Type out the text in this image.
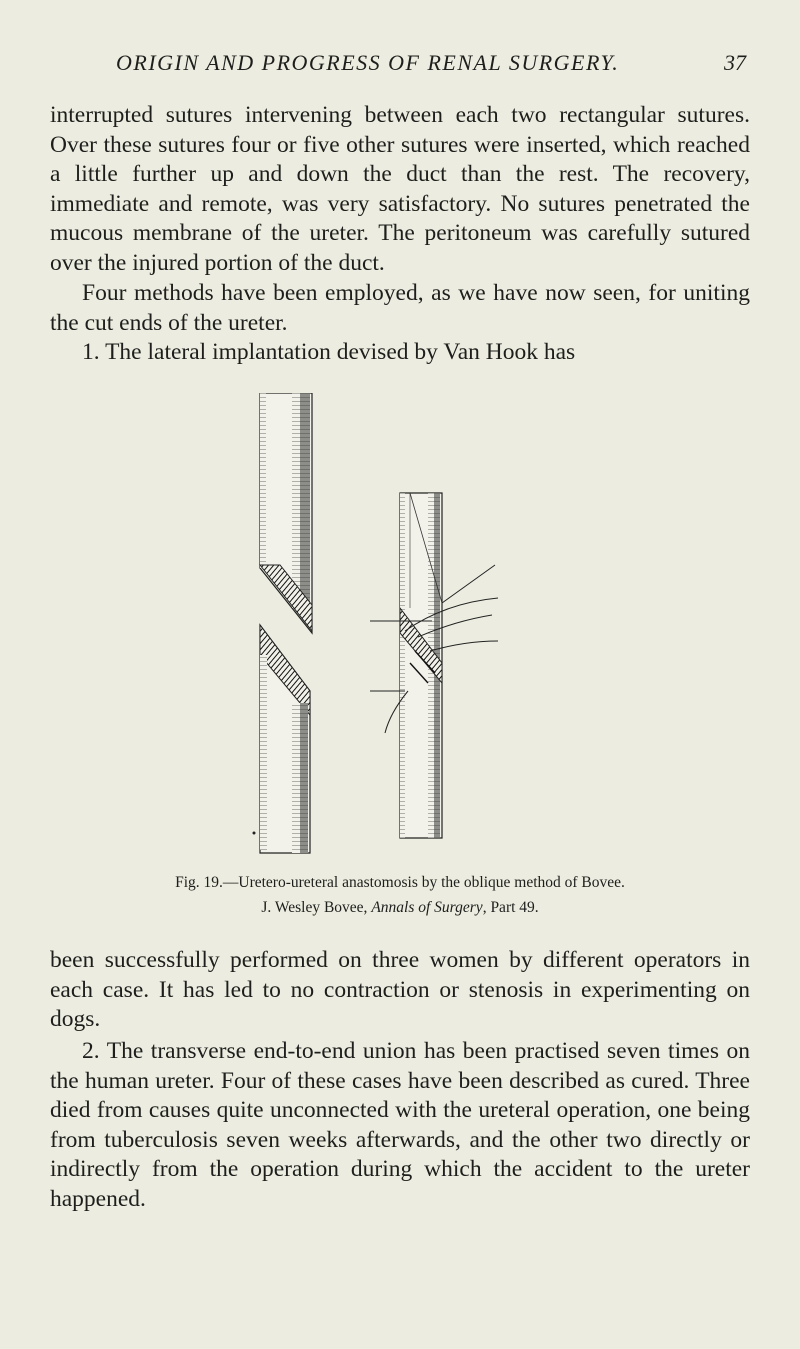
ORIGIN AND PROGRESS OF RENAL SURGERY.	37

interrupted sutures intervening between each two rectangular sutures. Over these sutures four or five other sutures were inserted, which reached a little further up and down the duct than the rest. The recovery, immediate and remote, was very satisfactory. No sutures penetrated the mucous membrane of the ureter. The peritoneum was carefully sutured over the injured portion of the duct.

Four methods have been employed, as we have now seen, for uniting the cut ends of the ureter.

1. The lateral implantation devised by Van Hook has

Fig. 19.—Uretero-ureteral anastomosis by the oblique method of Bovee.

J. Wesley Bovee, Annals of Surgery, Part 49.

been successfully performed on three women by different operators in each case. It has led to no contraction or stenosis in experimenting on dogs.

2. The transverse end-to-end union has been practised seven times on the human ureter. Four of these cases have been described as cured. Three died from causes quite unconnected with the ureteral operation, one being from tuberculosis seven weeks afterwards, and the other two directly or indirectly from the operation during which the accident to the ureter happened.
